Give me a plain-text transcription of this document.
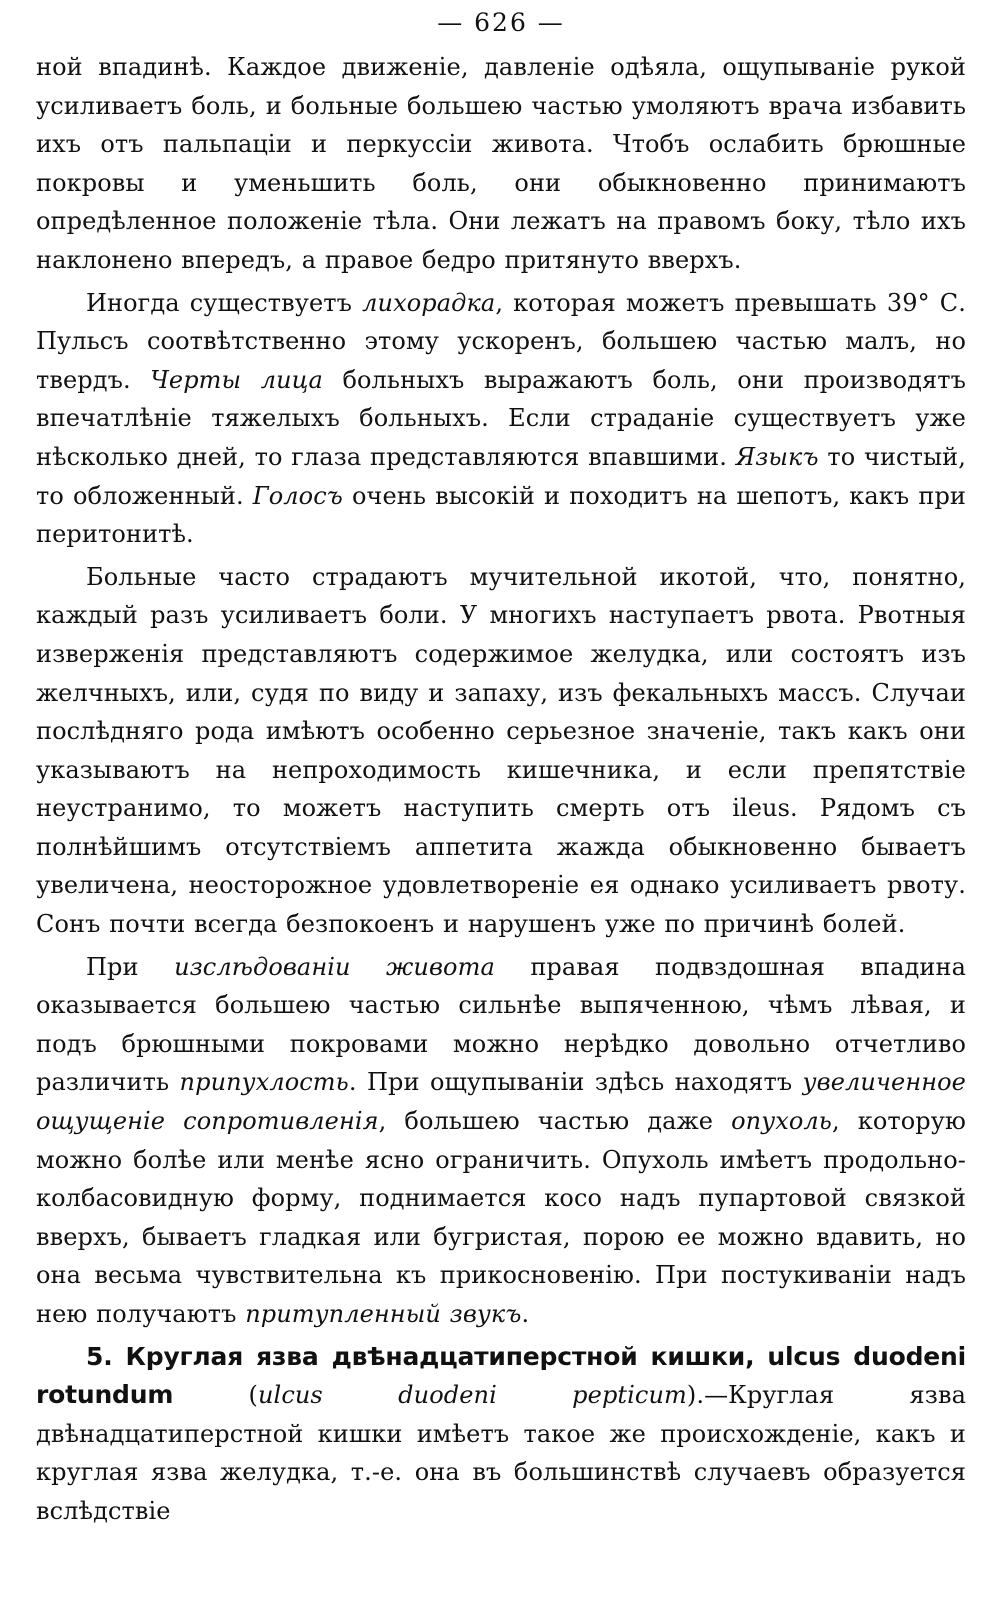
— 626 —

ной впадинѣ. Каждое движеніе, давленіе одѣяла, ощупываніе рукой усиливаетъ боль, и больные большею частью умоляютъ врача избавить ихъ отъ пальпаціи и перкуссіи живота. Чтобъ ослабить брюшные покровы и уменьшить боль, они обыкновенно принимаютъ опредѣленное положеніе тѣла. Они лежатъ на правомъ боку, тѣло ихъ наклонено впередъ, а правое бедро притянуто вверхъ.

Иногда существуетъ лихорадка, которая можетъ превышать 39° С. Пульсъ соотвѣтственно этому ускоренъ, большею частью малъ, но твердъ. Черты лица больныхъ выражаютъ боль, они производятъ впечатлѣніе тяжелыхъ больныхъ. Если страданіе существуетъ уже нѣсколько дней, то глаза представляются впавшими. Языкъ то чистый, то обложенный. Голосъ очень высокій и походитъ на шепотъ, какъ при перитонитѣ.

Больные часто страдаютъ мучительной икотой, что, понятно, каждый разъ усиливаетъ боли. У многихъ наступаетъ рвота. Рвотныя изверженія представляютъ содержимое желудка, или состоятъ изъ желчныхъ, или, судя по виду и запаху, изъ фекальныхъ массъ. Случаи послѣдняго рода имѣютъ особенно серьезное значеніе, такъ какъ они указываютъ на непроходимость кишечника, и если препятствіе неустранимо, то можетъ наступить смерть отъ ileus. Рядомъ съ полнѣйшимъ отсутствіемъ аппетита жажда обыкновенно бываетъ увеличена, неосторожное удовлетвореніе ея однако усиливаетъ рвоту. Сонъ почти всегда безпокоенъ и нарушенъ уже по причинѣ болей.

При изслѣдованіи живота правая подвздошная впадина оказывается большею частью сильнѣе выпяченною, чѣмъ лѣвая, и подъ брюшными покровами можно нерѣдко довольно отчетливо различить припухлость. При ощупываніи здѣсь находятъ увеличенное ощущеніе сопротивленія, большею частью даже опухоль, которую можно болѣе или менѣе ясно ограничить. Опухоль имѣетъ продольно-колбасовидную форму, поднимается косо надъ пупартовой связкой вверхъ, бываетъ гладкая или бугристая, порою ее можно вдавить, но она весьма чувствительна къ прикосновенію. При постукиваніи надъ нею получаютъ притупленный звукъ.

5. Круглая язва двѣнадцатиперстной кишки, ulcus duodeni rotundum (ulcus duodeni pepticum).—Круглая язва двѣнадцатиперстной кишки имѣетъ такое же происхожденіе, какъ и круглая язва желудка, т.-е. она въ большинствѣ случаевъ образуется вслѣдствіе
